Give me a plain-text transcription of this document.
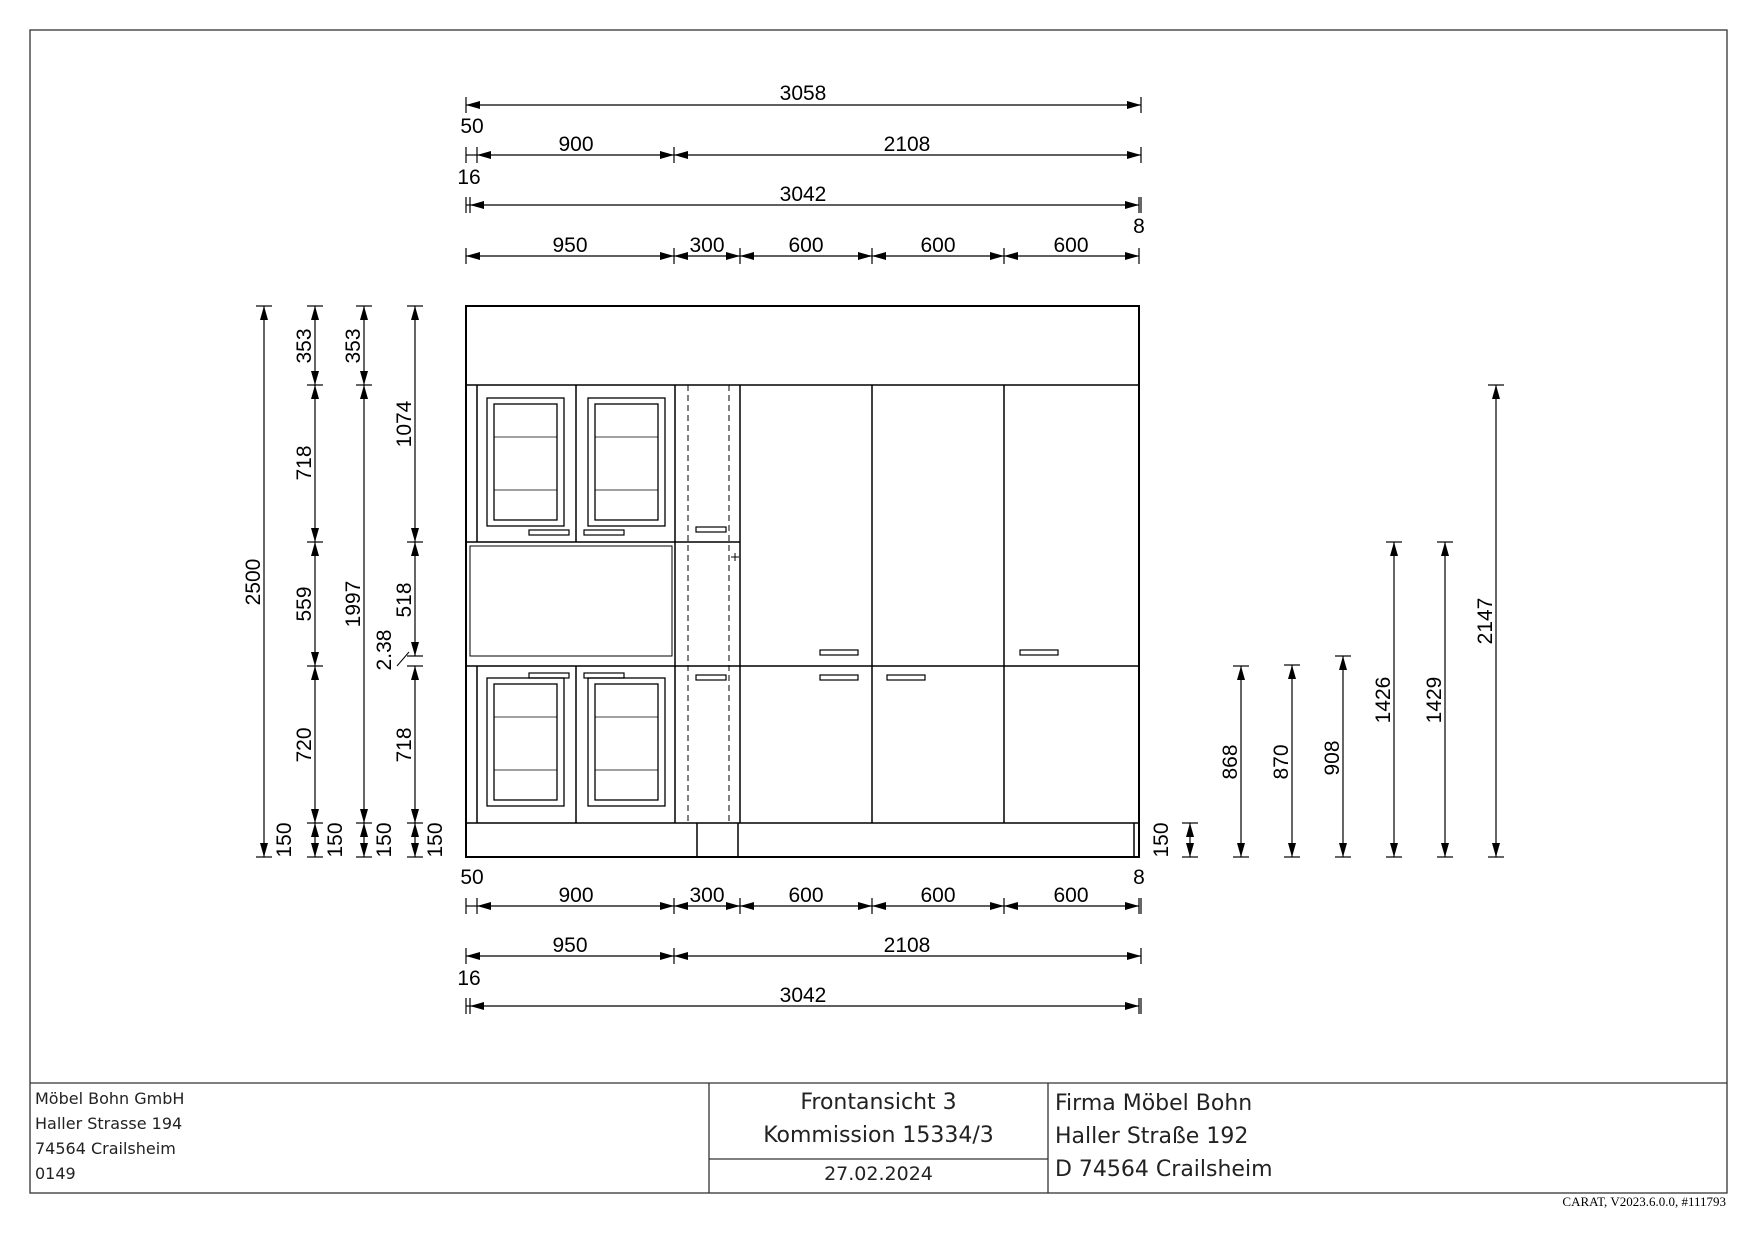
3058
50
900	2108
16
3042
8
950	300	600	600	600
2500
353
718
559
720
150 150
353
1997
150
1074
518
2.38
718
150	150
868 870 908
1426 1429
2147
50	8
900	300	600	600	600
950	2108
16
3042
Möbel Bohn GmbH
Haller Strasse 194
74564 Crailsheim
0149
Frontansicht 3
Kommission 15334/3
27.02.2024
Firma Möbel Bohn
Haller Straße 192
D 74564 Crailsheim
CARAT, V2023.6.0.0, #111793
